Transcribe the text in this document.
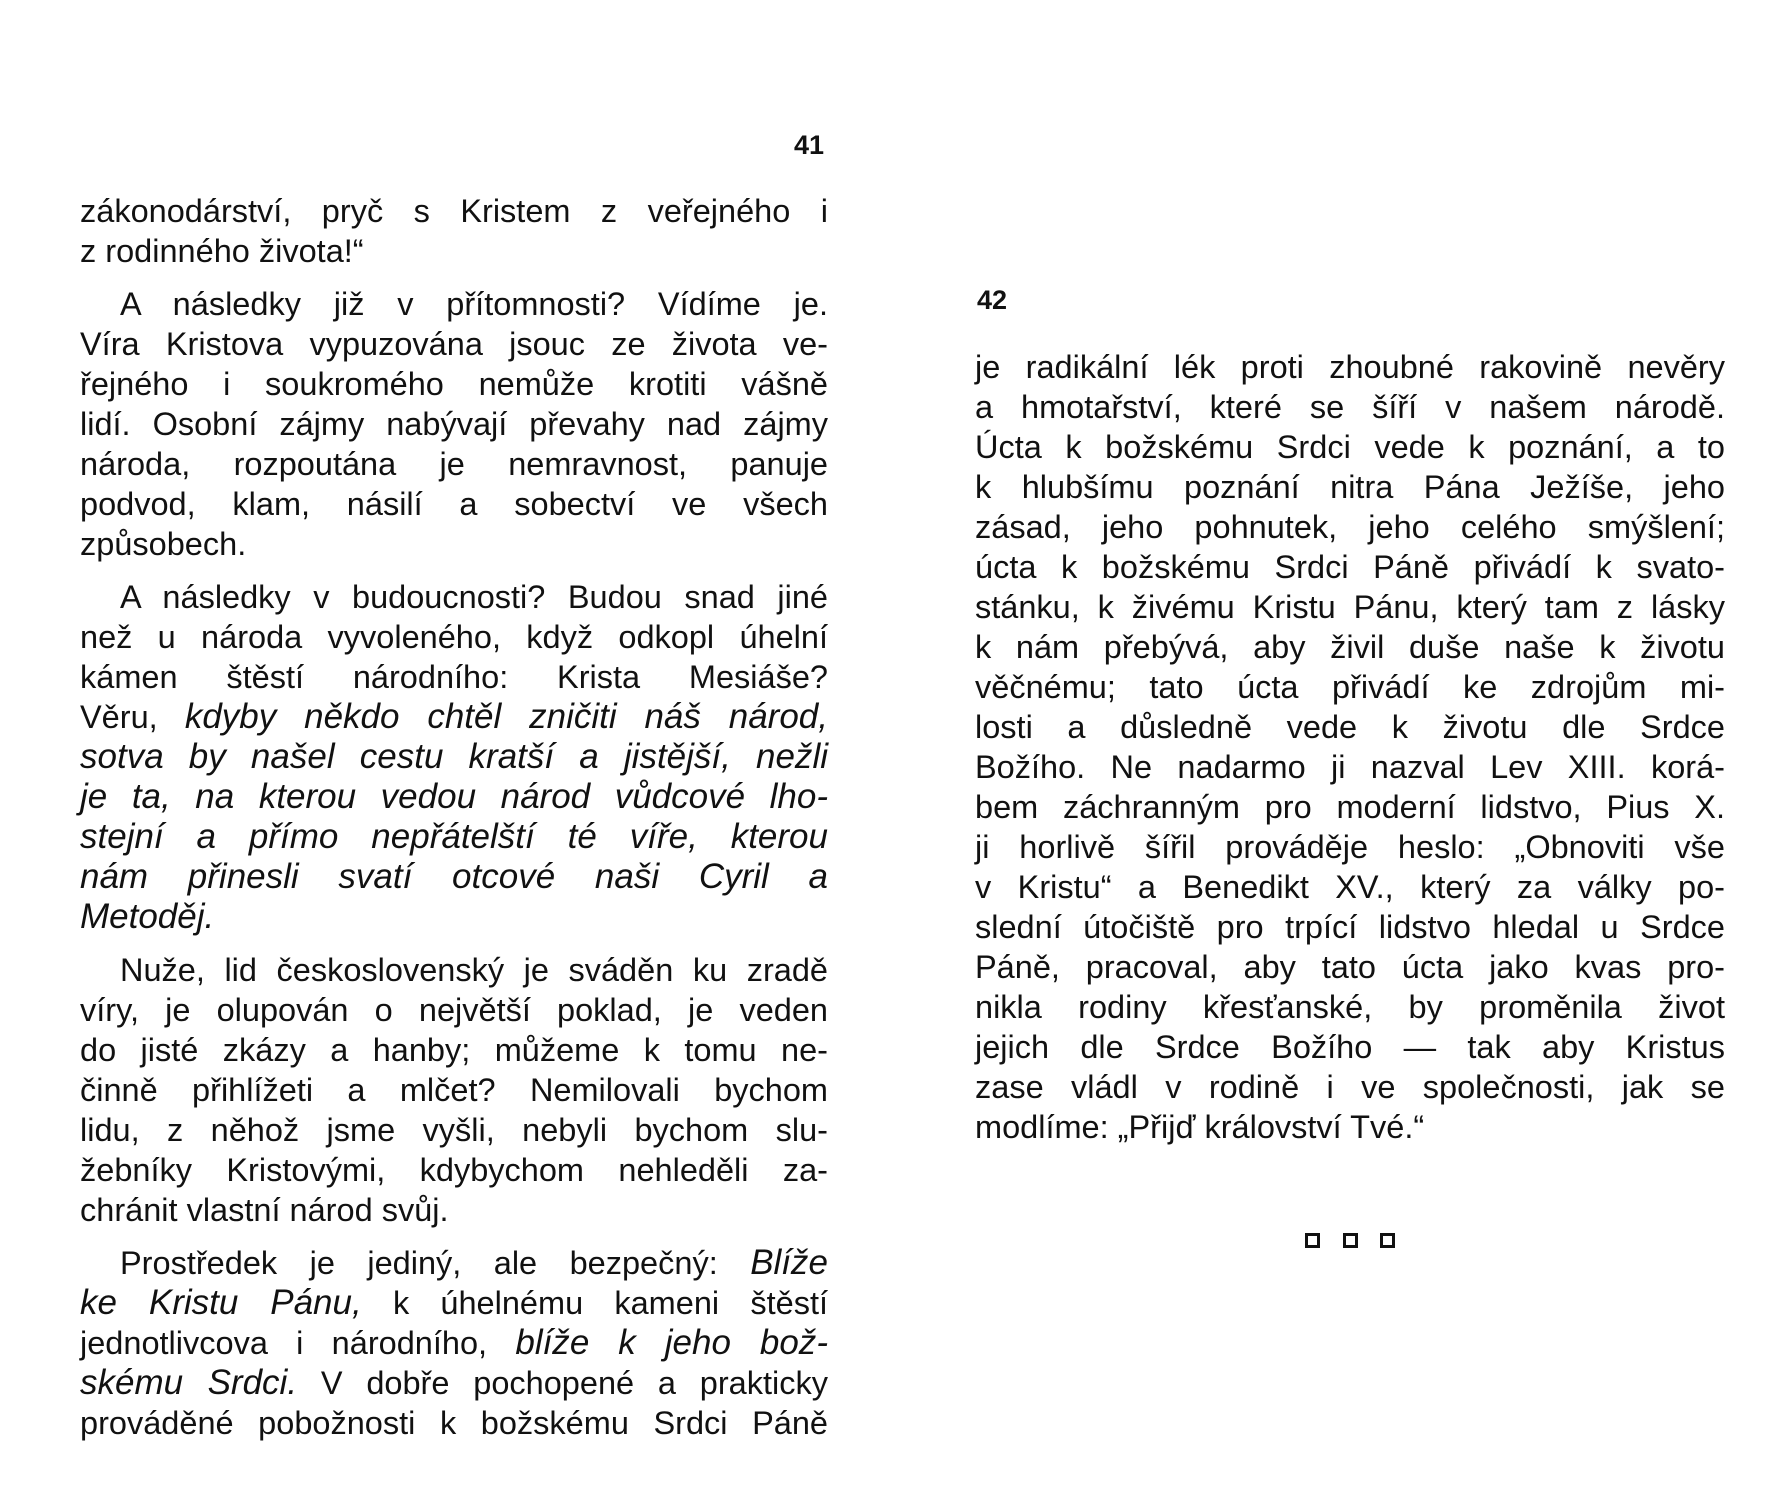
41
zákonodárství, pryč s Kristem z veřejného i
z rodinného života!“
A následky již v přítomnosti? Vídíme je.
Víra Kristova vypuzována jsouc ze života ve-
řejného i soukromého nemůže krotiti vášně
lidí. Osobní zájmy nabývají převahy nad zájmy
národa, rozpoutána je nemravnost, panuje
podvod, klam, násilí a sobectví ve všech
způsobech.
A následky v budoucnosti? Budou snad jiné
než u národa vyvoleného, když odkopl úhelní
kámen štěstí národního: Krista Mesiáše?
Věru, kdyby někdo chtěl zničiti náš národ,
sotva by našel cestu kratší a jistější, nežli
je ta, na kterou vedou národ vůdcové lho-
stejní a přímo nepřátelští té víře, kterou
nám přinesli svatí otcové naši Cyril a
Metoděj.
Nuže, lid československý je sváděn ku zradě
víry, je olupován o největší poklad, je veden
do jisté zkázy a hanby; můžeme k tomu ne-
činně přihlížeti a mlčet? Nemilovali bychom
lidu, z něhož jsme vyšli, nebyli bychom slu-
žebníky Kristovými, kdybychom nehleděli za-
chránit vlastní národ svůj.
Prostředek je jediný, ale bezpečný: Blíže
ke Kristu Pánu, k úhelnému kameni štěstí
jednotlivcova i národního, blíže k jeho bož-
skému Srdci. V dobře pochopené a prakticky
prováděné pobožnosti k božskému Srdci Páně
42
je radikální lék proti zhoubné rakovině nevěry
a hmotařství, které se šíří v našem národě.
Úcta k božskému Srdci vede k poznání, a to
k hlubšímu poznání nitra Pána Ježíše, jeho
zásad, jeho pohnutek, jeho celého smýšlení;
úcta k božskému Srdci Páně přivádí k svato-
stánku, k živému Kristu Pánu, který tam z lásky
k nám přebývá, aby živil duše naše k životu
věčnému; tato úcta přivádí ke zdrojům mi-
losti a důsledně vede k životu dle Srdce
Božího. Ne nadarmo ji nazval Lev XIII. korá-
bem záchranným pro moderní lidstvo, Pius X.
ji horlivě šířil prováděje heslo: „Obnoviti vše
v Kristu“ a Benedikt XV., který za války po-
slední útočiště pro trpící lidstvo hledal u Srdce
Páně, pracoval, aby tato úcta jako kvas pro-
nikla rodiny křesťanské, by proměnila život
jejich dle Srdce Božího — tak aby Kristus
zase vládl v rodině i ve společnosti, jak se
modlíme: „Přijď království Tvé.“
